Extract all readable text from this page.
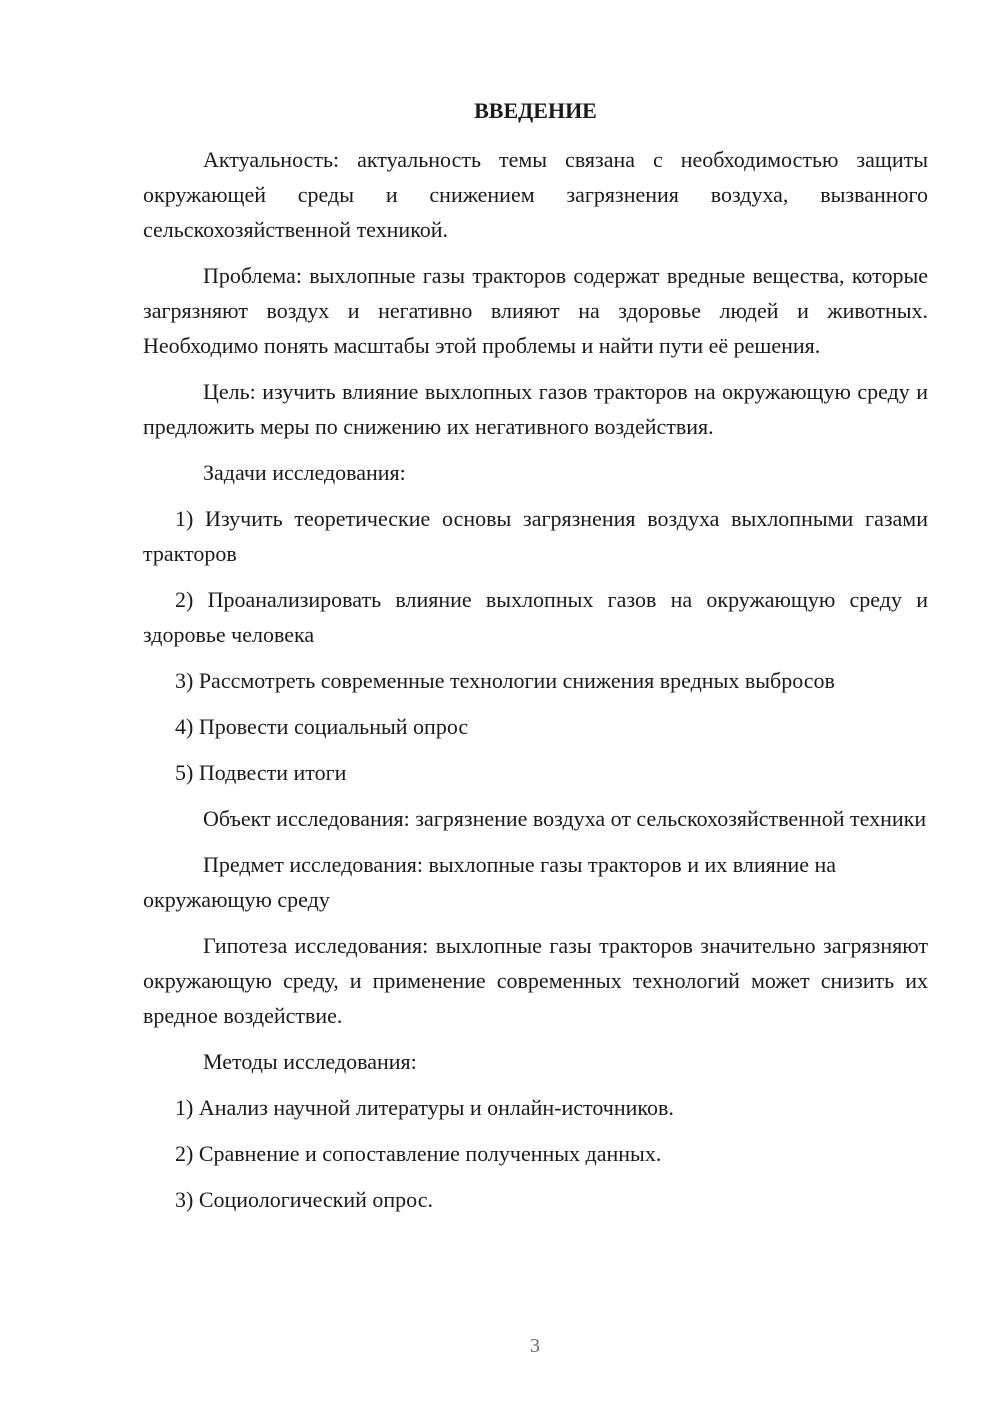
ВВЕДЕНИЕ

Актуальность: актуальность темы связана с необходимостью защиты окружающей среды и снижением загрязнения воздуха, вызванного сельскохозяйственной техникой.

Проблема: выхлопные газы тракторов содержат вредные вещества, которые загрязняют воздух и негативно влияют на здоровье людей и животных. Необходимо понять масштабы этой проблемы и найти пути её решения.

Цель: изучить влияние выхлопных газов тракторов на окружающую среду и предложить меры по снижению их негативного воздействия.

Задачи исследования:

1) Изучить теоретические основы загрязнения воздуха выхлопными газами тракторов

2) Проанализировать влияние выхлопных газов на окружающую среду и здоровье человека

3) Рассмотреть современные технологии снижения вредных выбросов

4) Провести социальный опрос

5) Подвести итоги

Объект исследования: загрязнение воздуха от сельскохозяйственной техники

Предмет исследования: выхлопные газы тракторов и их влияние на окружающую среду

Гипотеза исследования: выхлопные газы тракторов значительно загрязняют окружающую среду, и применение современных технологий может снизить их вредное воздействие.

Методы исследования:

1) Анализ научной литературы и онлайн-источников.

2) Сравнение и сопоставление полученных данных.

3) Социологический опрос.

3
